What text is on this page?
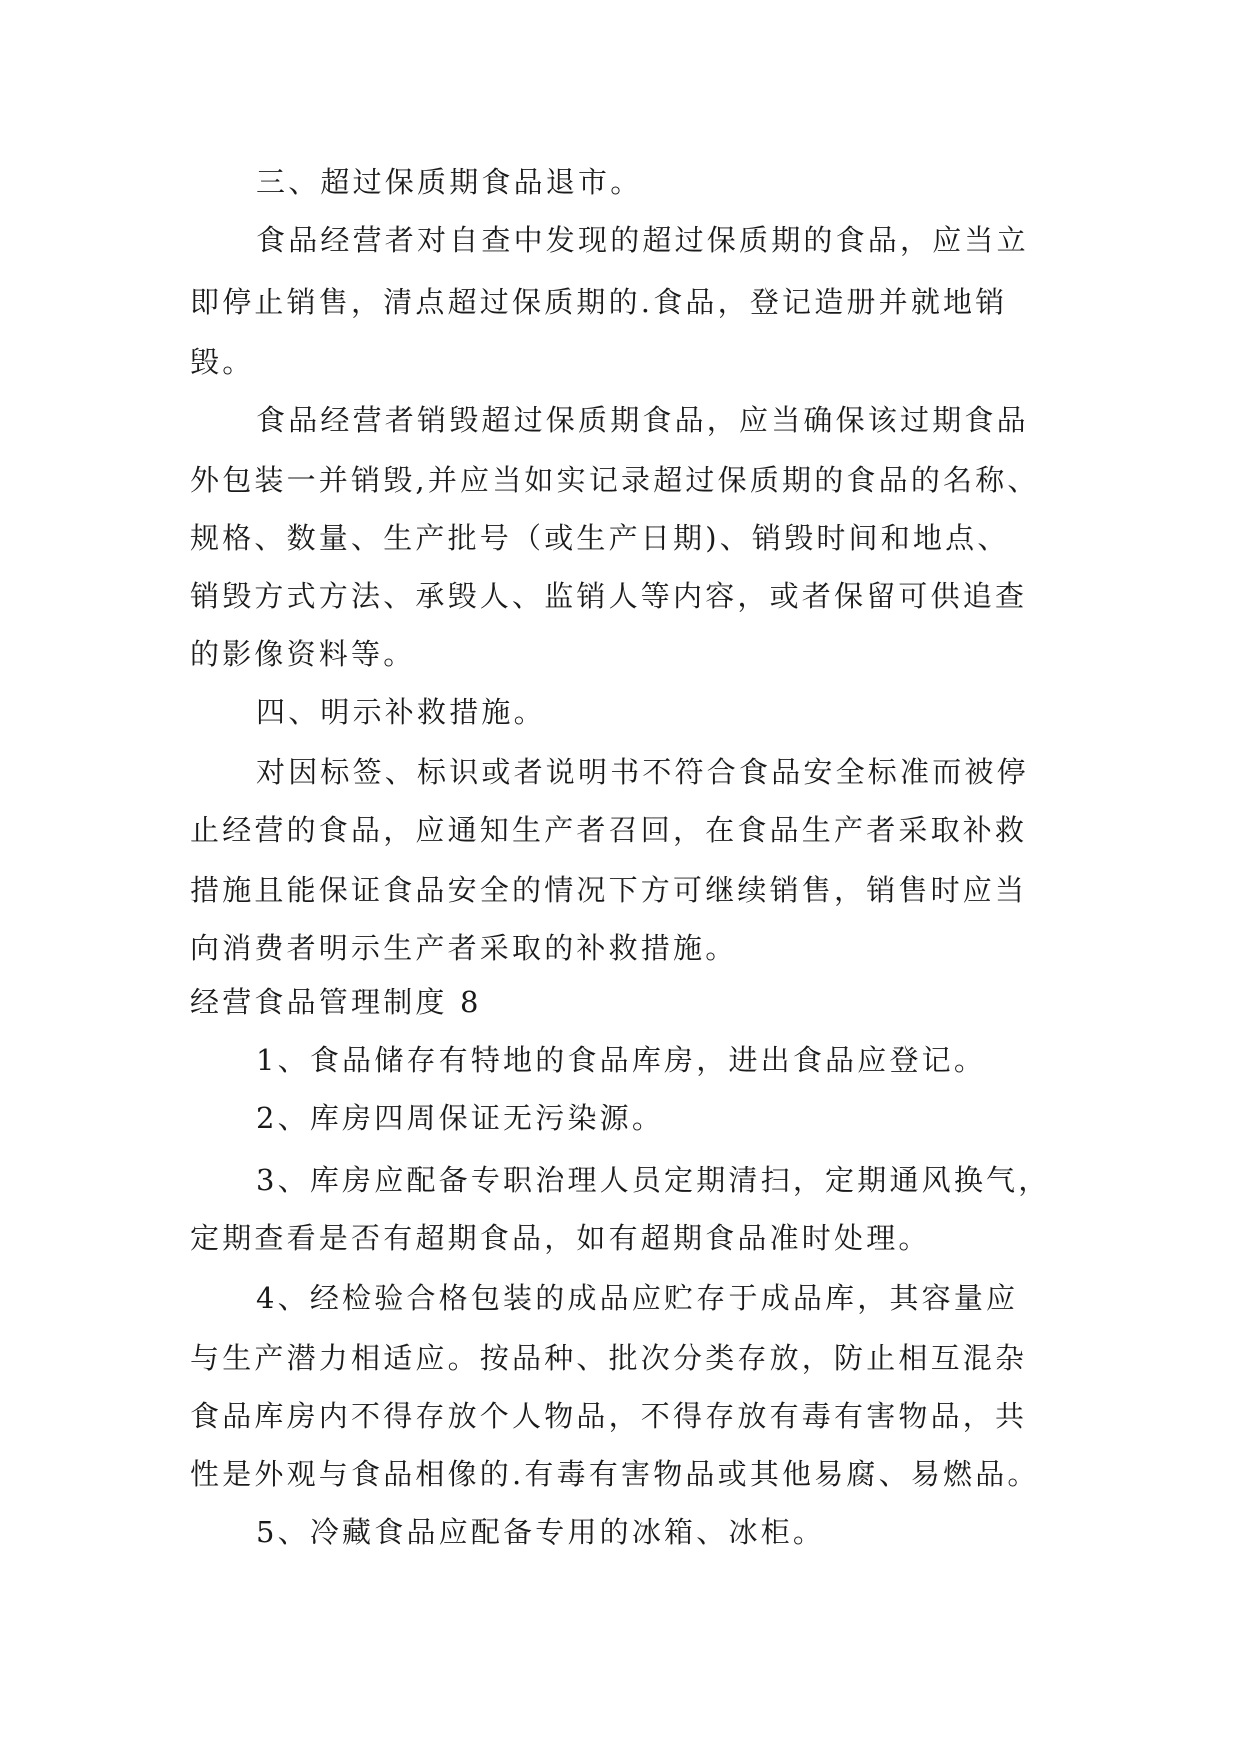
三、超过保质期食品退市。
食品经营者对自查中发现的超过保质期的食品，应当立
即停止销售，清点超过保质期的.食品，登记造册并就地销
毁。
食品经营者销毁超过保质期食品，应当确保该过期食品
外包装一并销毁,并应当如实记录超过保质期的食品的名称、
规格、数量、生产批号（或生产日期)、销毁时间和地点、
销毁方式方法、承毁人、监销人等内容，或者保留可供追查
的影像资料等。
四、明示补救措施。
对因标签、标识或者说明书不符合食品安全标准而被停
止经营的食品，应通知生产者召回，在食品生产者采取补救
措施且能保证食品安全的情况下方可继续销售，销售时应当
向消费者明示生产者采取的补救措施。
经营食品管理制度 8
1、食品储存有特地的食品库房，进出食品应登记。
2、库房四周保证无污染源。
3、库房应配备专职治理人员定期清扫，定期通风换气，
定期查看是否有超期食品，如有超期食品准时处理。
4、经检验合格包装的成品应贮存于成品库，其容量应
与生产潜力相适应。按品种、批次分类存放，防止相互混杂
食品库房内不得存放个人物品，不得存放有毒有害物品，共
性是外观与食品相像的.有毒有害物品或其他易腐、易燃品。
5、冷藏食品应配备专用的冰箱、冰柜。
